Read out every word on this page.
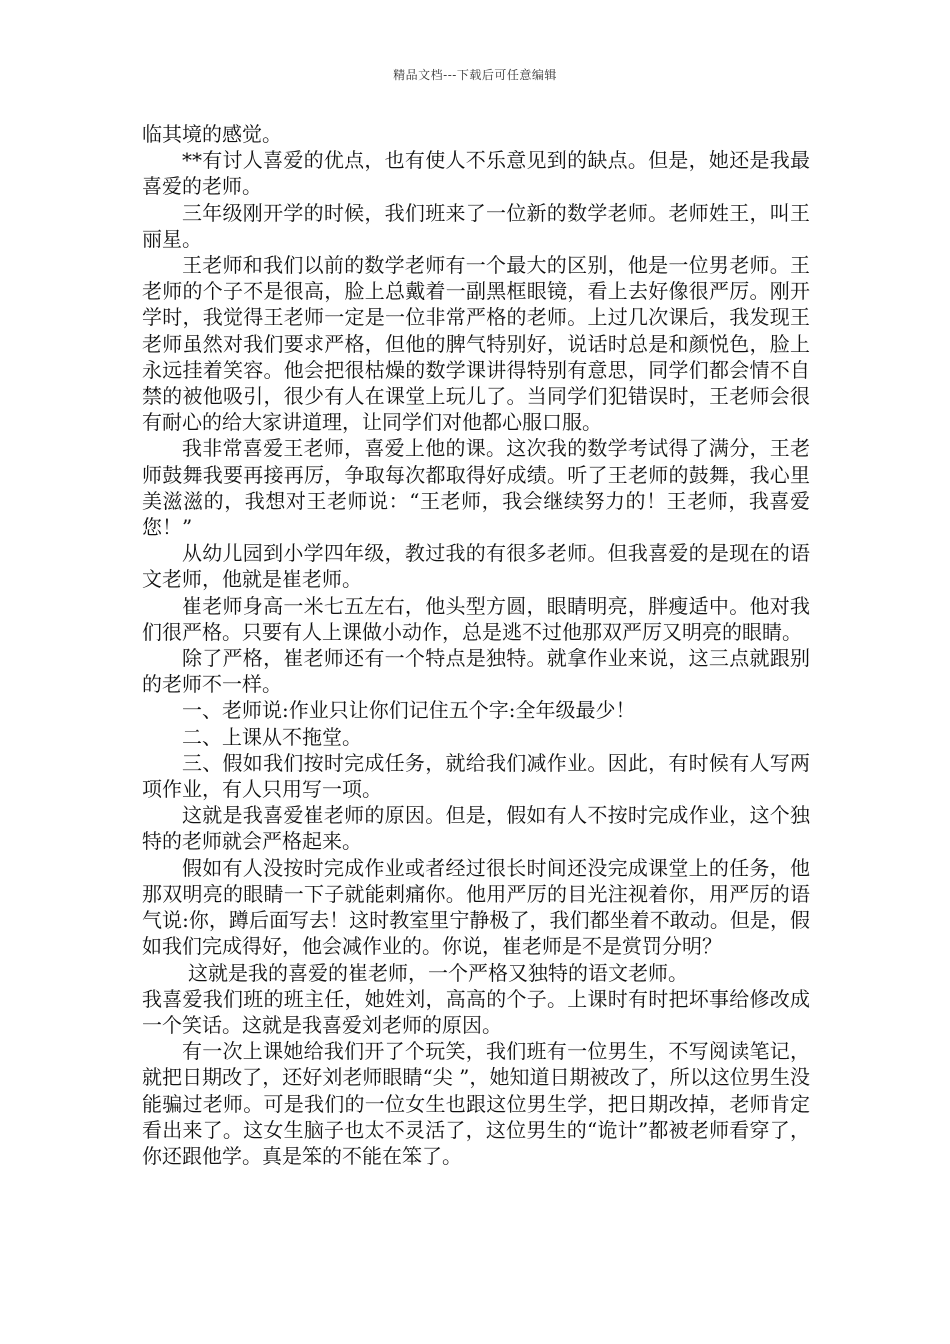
精品文档---下载后可任意编辑

临其境的感觉。

**有讨人喜爱的优点，也有使人不乐意见到的缺点。但是，她还是我最喜爱的老师。

三年级刚开学的时候，我们班来了一位新的数学老师。老师姓王，叫王丽星。

王老师和我们以前的数学老师有一个最大的区别，他是一位男老师。王老师的个子不是很高，脸上总戴着一副黑框眼镜，看上去好像很严厉。刚开学时，我觉得王老师一定是一位非常严格的老师。上过几次课后，我发现王老师虽然对我们要求严格，但他的脾气特别好，说话时总是和颜悦色，脸上永远挂着笑容。他会把很枯燥的数学课讲得特别有意思，同学们都会情不自禁的被他吸引，很少有人在课堂上玩儿了。当同学们犯错误时，王老师会很有耐心的给大家讲道理，让同学们对他都心服口服。

我非常喜爱王老师，喜爱上他的课。这次我的数学考试得了满分，王老师鼓舞我要再接再厉，争取每次都取得好成绩。听了王老师的鼓舞，我心里美滋滋的，我想对王老师说：“王老师，我会继续努力的！王老师，我喜爱您！”

从幼儿园到小学四年级，教过我的有很多老师。但我喜爱的是现在的语文老师，他就是崔老师。

崔老师身高一米七五左右，他头型方圆，眼睛明亮，胖瘦适中。他对我们很严格。只要有人上课做小动作，总是逃不过他那双严厉又明亮的眼睛。

除了严格，崔老师还有一个特点是独特。就拿作业来说，这三点就跟别的老师不一样。

一、老师说:作业只让你们记住五个字:全年级最少！

二、上课从不拖堂。

三、假如我们按时完成任务，就给我们减作业。因此，有时候有人写两项作业，有人只用写一项。

这就是我喜爱崔老师的原因。但是，假如有人不按时完成作业，这个独特的老师就会严格起来。

假如有人没按时完成作业或者经过很长时间还没完成课堂上的任务，他那双明亮的眼睛一下子就能刺痛你。他用严厉的目光注视着你，用严厉的语气说:你，蹲后面写去！这时教室里宁静极了，我们都坐着不敢动。但是，假如我们完成得好，他会减作业的。你说，崔老师是不是赏罚分明？

这就是我的喜爱的崔老师，一个严格又独特的语文老师。

我喜爱我们班的班主任，她姓刘，高高的个子。上课时有时把坏事给修改成一个笑话。这就是我喜爱刘老师的原因。

有一次上课她给我们开了个玩笑，我们班有一位男生，不写阅读笔记，就把日期改了，还好刘老师眼睛“尖 ”，她知道日期被改了，所以这位男生没能骗过老师。可是我们的一位女生也跟这位男生学，把日期改掉，老师肯定看出来了。这女生脑子也太不灵活了，这位男生的“诡计”都被老师看穿了，你还跟他学。真是笨的不能在笨了。
